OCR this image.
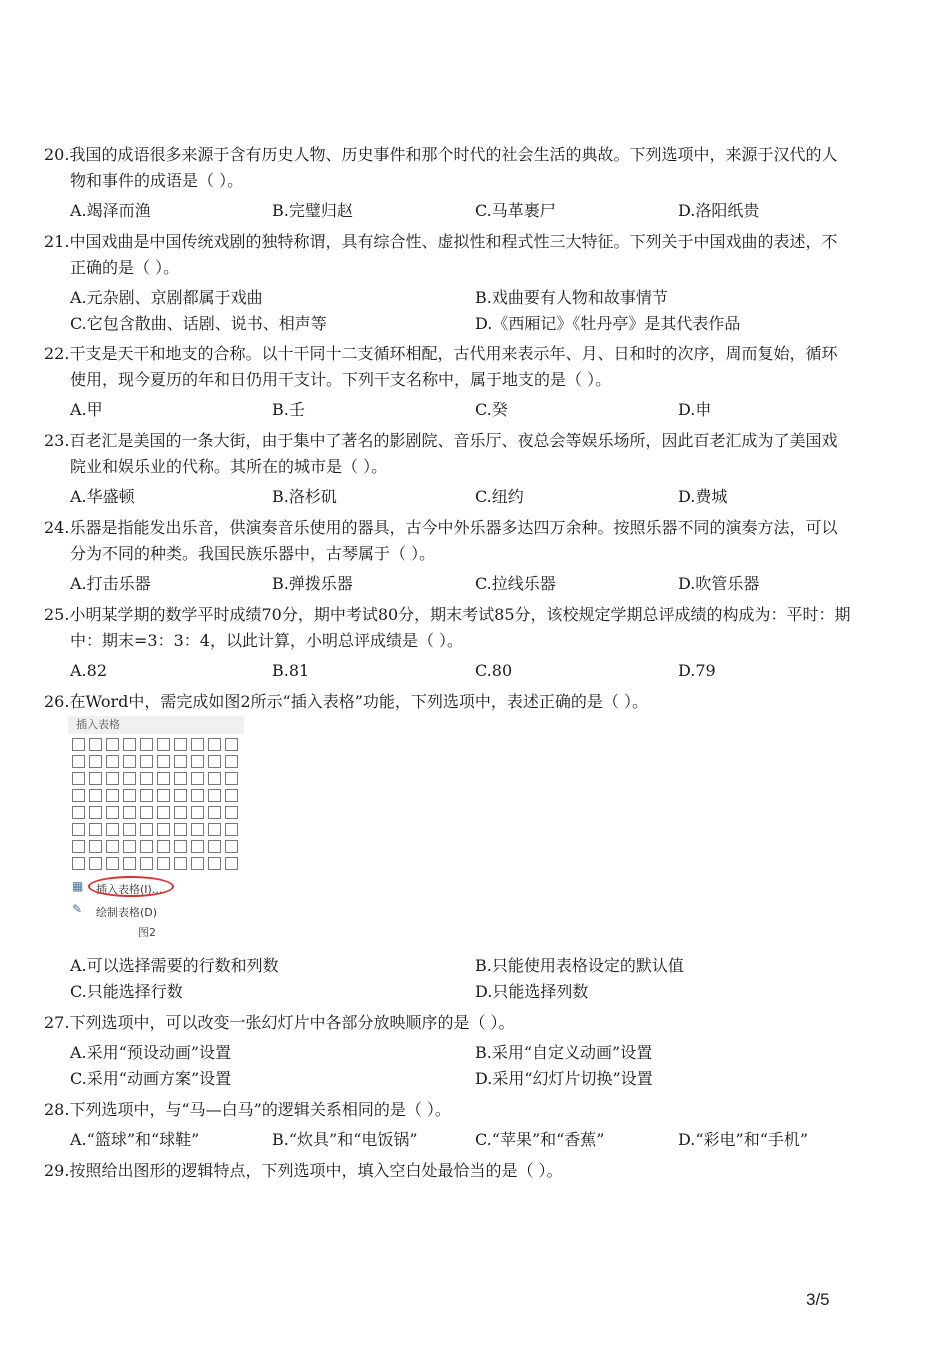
20.我国的成语很多来源于含有历史人物、历史事件和那个时代的社会生活的典故。下列选项中，来源于汉代的人
物和事件的成语是（ ）。
A.竭泽而渔	B.完璧归赵	C.马革裹尸	D.洛阳纸贵
21.中国戏曲是中国传统戏剧的独特称谓，具有综合性、虚拟性和程式性三大特征。下列关于中国戏曲的表述，不
正确的是（ ）。
A.元杂剧、京剧都属于戏曲	B.戏曲要有人物和故事情节
C.它包含散曲、话剧、说书、相声等	D.《西厢记》《牡丹亭》是其代表作品
22.干支是天干和地支的合称。以十干同十二支循环相配，古代用来表示年、月、日和时的次序，周而复始，循环
使用，现今夏历的年和日仍用干支计。下列干支名称中，属于地支的是（ ）。
A.甲	B.壬	C.癸	D.申
23.百老汇是美国的一条大街，由于集中了著名的影剧院、音乐厅、夜总会等娱乐场所，因此百老汇成为了美国戏
院业和娱乐业的代称。其所在的城市是（ ）。
A.华盛顿	B.洛杉矶	C.纽约	D.费城
24.乐器是指能发出乐音，供演奏音乐使用的器具，古今中外乐器多达四万余种。按照乐器不同的演奏方法，可以
分为不同的种类。我国民族乐器中，古琴属于（ ）。
A.打击乐器	B.弹拨乐器	C.拉线乐器	D.吹管乐器
25.小明某学期的数学平时成绩70分，期中考试80分，期末考试85分，该校规定学期总评成绩的构成为：平时：期
中：期末=3：3：4，以此计算，小明总评成绩是（ ）。
A.82	B.81	C.80	D.79
26.在Word中，需完成如图2所示“插入表格”功能，下列选项中，表述正确的是（ ）。
插入表格
▦ 插入表格(I)...
✎ 绘制表格(D)
图2
A.可以选择需要的行数和列数	B.只能使用表格设定的默认值
C.只能选择行数	D.只能选择列数
27.下列选项中，可以改变一张幻灯片中各部分放映顺序的是（ ）。
A.采用“预设动画”设置	B.采用“自定义动画”设置
C.采用“动画方案”设置	D.采用“幻灯片切换”设置
28.下列选项中，与“马—白马”的逻辑关系相同的是（ ）。
A.“篮球”和“球鞋”	B.“炊具”和“电饭锅”	C.“苹果”和“香蕉”	D.“彩电”和“手机”
29.按照给出图形的逻辑特点，下列选项中，填入空白处最恰当的是（ ）。
3/5
